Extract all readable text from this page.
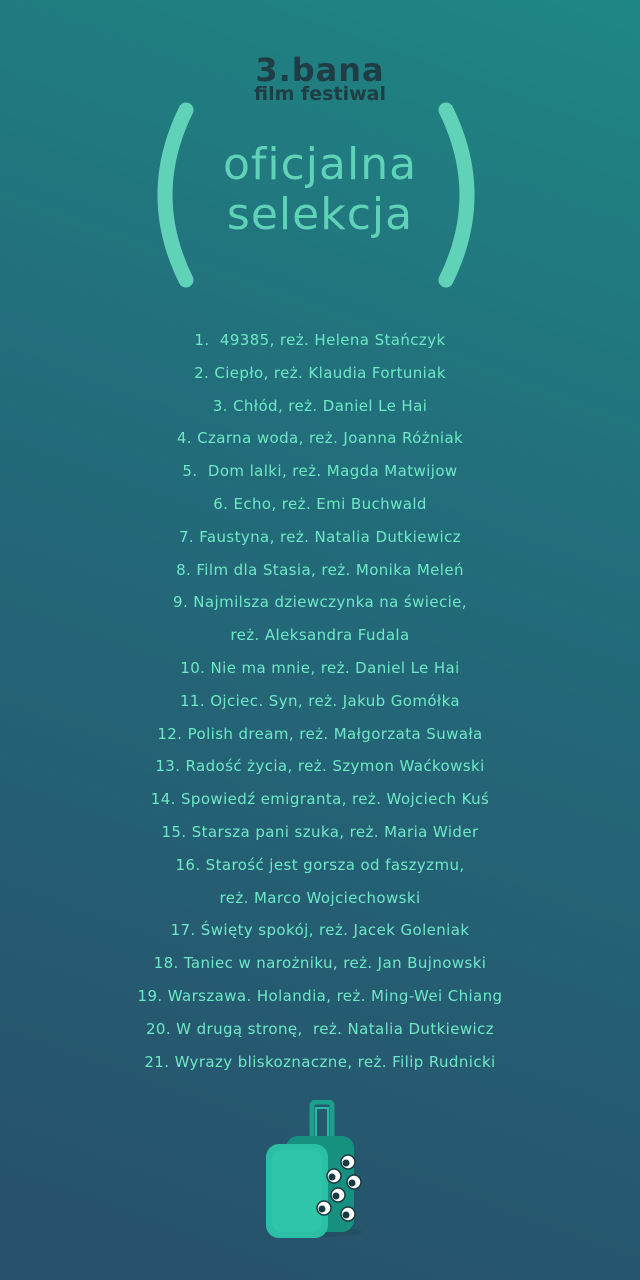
3.bana
film festiwal
oficjalna
selekcja
1.  49385, reż. Helena Stańczyk
2. Ciepło, reż. Klaudia Fortuniak
3. Chłód, reż. Daniel Le Hai
4. Czarna woda, reż. Joanna Różniak
5.  Dom lalki, reż. Magda Matwijow
6. Echo, reż. Emi Buchwald
7. Faustyna, reż. Natalia Dutkiewicz
8. Film dla Stasia, reż. Monika Meleń
9. Najmilsza dziewczynka na świecie,
reż. Aleksandra Fudala
10. Nie ma mnie, reż. Daniel Le Hai
11. Ojciec. Syn, reż. Jakub Gomółka
12. Polish dream, reż. Małgorzata Suwała
13. Radość życia, reż. Szymon Waćkowski
14. Spowiedź emigranta, reż. Wojciech Kuś
15. Starsza pani szuka, reż. Maria Wider
16. Starość jest gorsza od faszyzmu,
reż. Marco Wojciechowski
17. Święty spokój, reż. Jacek Goleniak
18. Taniec w narożniku, reż. Jan Bujnowski
19. Warszawa. Holandia, reż. Ming-Wei Chiang
20. W drugą stronę,  reż. Natalia Dutkiewicz
21. Wyrazy bliskoznaczne, reż. Filip Rudnicki
